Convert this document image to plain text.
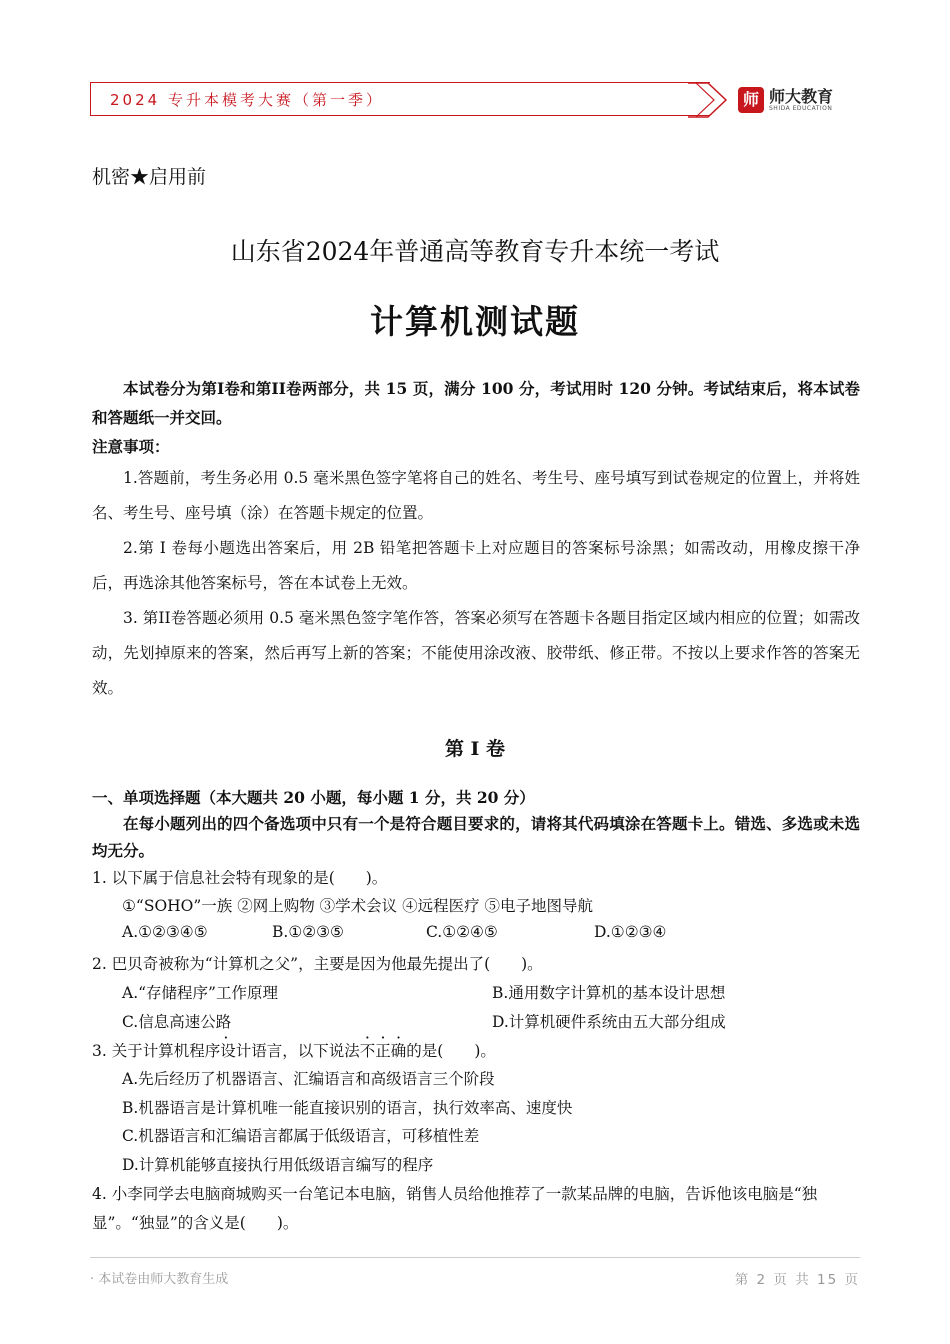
2024 专升本模考大赛（第一季）	师 师大教育
SHIDA EDUCATION
机密★启用前
山东省2024年普通高等教育专升本统一考试
计算机测试题

本试卷分为第I卷和第II卷两部分，共 15 页，满分 100 分，考试用时 120 分钟。考试结束后，将本试卷和答题纸一并交回。

注意事项：

1.答题前，考生务必用 0.5 毫米黑色签字笔将自己的姓名、考生号、座号填写到试卷规定的位置上，并将姓名、考生号、座号填（涂）在答题卡规定的位置。

2.第 I 卷每小题选出答案后，用 2B 铅笔把答题卡上对应题目的答案标号涂黑；如需改动，用橡皮擦干净后，再选涂其他答案标号，答在本试卷上无效。

3. 第II卷答题必须用 0.5 毫米黑色签字笔作答，答案必须写在答题卡各题目指定区域内相应的位置；如需改动，先划掉原来的答案，然后再写上新的答案；不能使用涂改液、胶带纸、修正带。不按以上要求作答的答案无效。

第 I 卷

一、单项选择题（本大题共 20 小题，每小题 1 分，共 20 分）

在每小题列出的四个备选项中只有一个是符合题目要求的，请将其代码填涂在答题卡上。错选、多选或未选均无分。

1. 以下属于信息社会特有现象的是(　　)。
①“SOHO”一族 ②网上购物 ③学术会议 ④远程医疗 ⑤电子地图导航
A.①②③④⑤	B.①②③⑤	C.①②④⑤	D.①②③④
2. 巴贝奇被称为“计算机之父”，主要是因为他最先提出了(　　)。
A.“存储程序”工作原理	B.通用数字计算机的基本设计思想
C.信息高速公路	D.计算机硬件系统由五大部分组成
3. 关于计算机程序设计语言，以下说法 ·不正确的是(　　)。
A.先后经历了机器语言、汇编语言和高级语言三个阶段
B.机器语言是计算机唯一能直接识别的语言，执行效率高、速度快
C.机器语言和汇编语言都属于低级语言，可移植性差
D.计算机能够直接执行用低级语言编写的程序
4. 小李同学去电脑商城购买一台笔记本电脑，销售人员给他推荐了一款某品牌的电脑，告诉他该电脑是“独
显”。“独显”的含义是(　　)。
· 本试卷由师大教育生成	第 2 页 共 15 页
